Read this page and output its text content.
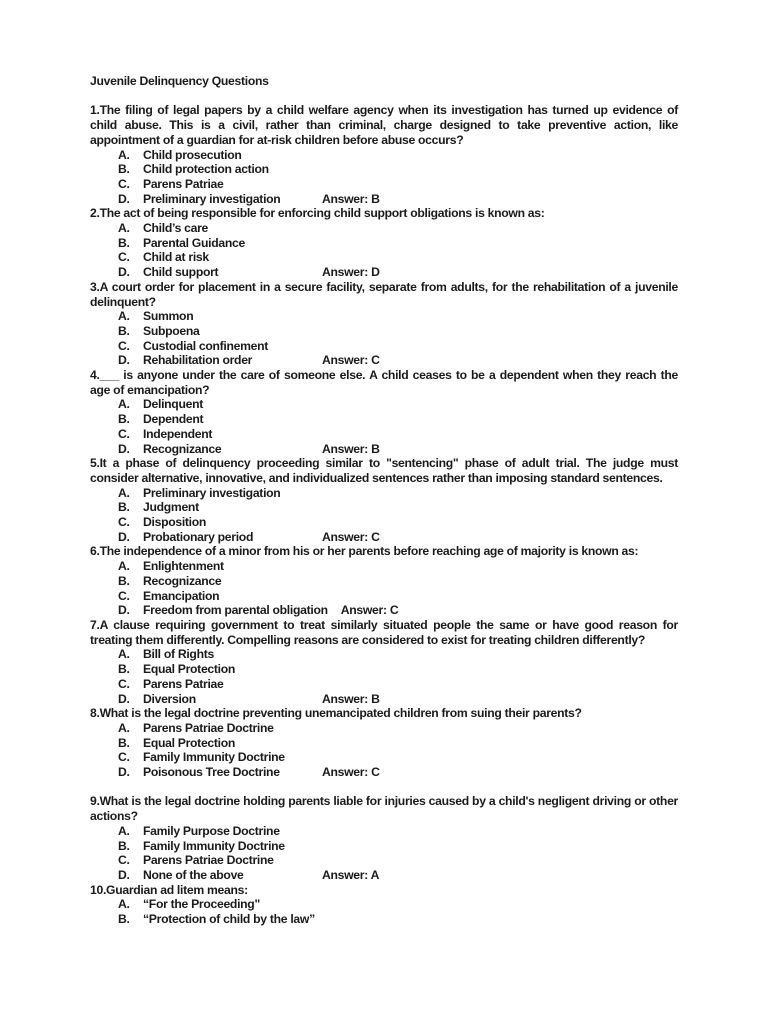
Juvenile Delinquency Questions

1.The filing of legal papers by a child welfare agency when its investigation has turned up evidence of child abuse. This is a civil, rather than criminal, charge designed to take preventive action, like appointment of a guardian for at-risk children before abuse occurs?

A. Child prosecution
B. Child protection action
C. Parens Patriae
D. Preliminary investigation	Answer: B

2.The act of being responsible for enforcing child support obligations is known as:

A. Child’s care
B. Parental Guidance
C. Child at risk
D. Child support	Answer: D

3.A court order for placement in a secure facility, separate from adults, for the rehabilitation of a juvenile delinquent?

A. Summon
B. Subpoena
C. Custodial confinement
D. Rehabilitation order	Answer: C

4.___ is anyone under the care of someone else. A child ceases to be a dependent when they reach the age of emancipation?

A. Delinquent
B. Dependent
C. Independent
D. Recognizance	Answer: B

5.It a phase of delinquency proceeding similar to "sentencing" phase of adult trial. The judge must consider alternative, innovative, and individualized sentences rather than imposing standard sentences.

A. Preliminary investigation
B. Judgment
C. Disposition
D. Probationary period	Answer: C

6.The independence of a minor from his or her parents before reaching age of majority is known as:

A. Enlightenment
B. Recognizance
C. Emancipation
D. Freedom from parental obligation Answer: C

7.A clause requiring government to treat similarly situated people the same or have good reason for treating them differently. Compelling reasons are considered to exist for treating children differently?

A. Bill of Rights
B. Equal Protection
C. Parens Patriae
D. Diversion	Answer: B

8.What is the legal doctrine preventing unemancipated children from suing their parents?

A. Parens Patriae Doctrine
B. Equal Protection
C. Family Immunity Doctrine
D. Poisonous Tree Doctrine	Answer: C

9.What is the legal doctrine holding parents liable for injuries caused by a child's negligent driving or other actions?

A. Family Purpose Doctrine
B. Family Immunity Doctrine
C. Parens Patriae Doctrine
D. None of the above	Answer: A

10.Guardian ad litem means:

A. “For the Proceeding"
B. “Protection of child by the law”
